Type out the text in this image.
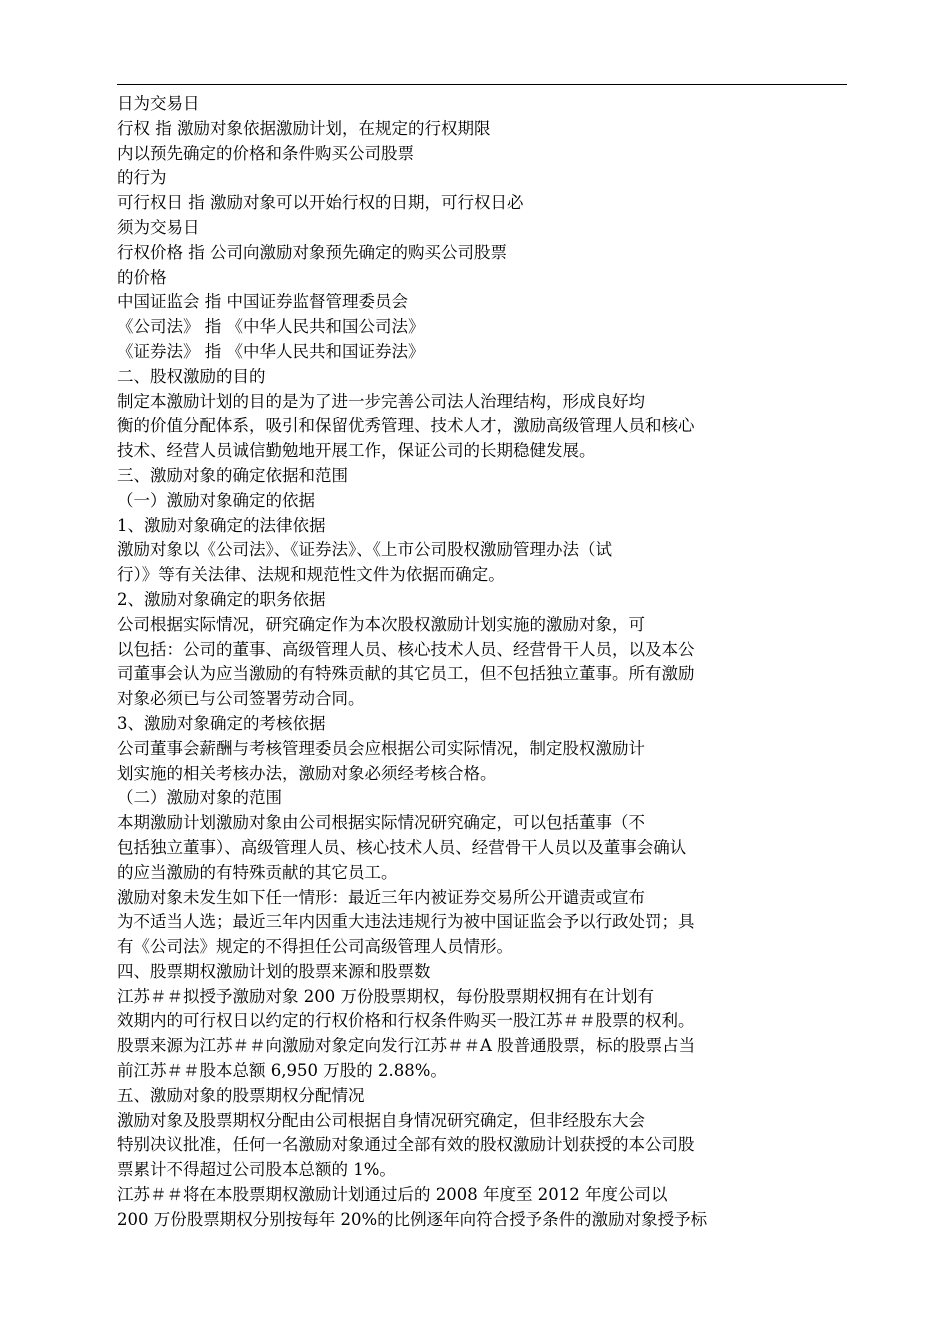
日为交易日
行权 指 激励对象依据激励计划，在规定的行权期限
内以预先确定的价格和条件购买公司股票
的行为
可行权日 指 激励对象可以开始行权的日期，可行权日必
须为交易日
行权价格 指 公司向激励对象预先确定的购买公司股票
的价格
中国证监会 指 中国证券监督管理委员会
《公司法》 指 《中华人民共和国公司法》
《证券法》 指 《中华人民共和国证券法》
二、股权激励的目的
制定本激励计划的目的是为了进一步完善公司法人治理结构，形成良好均
衡的价值分配体系，吸引和保留优秀管理、技术人才，激励高级管理人员和核心
技术、经营人员诚信勤勉地开展工作，保证公司的长期稳健发展。
三、激励对象的确定依据和范围
（一）激励对象确定的依据
1、激励对象确定的法律依据
激励对象以《公司法》、《证券法》、《上市公司股权激励管理办法（试
行）》等有关法律、法规和规范性文件为依据而确定。
2、激励对象确定的职务依据
公司根据实际情况，研究确定作为本次股权激励计划实施的激励对象，可
以包括：公司的董事、高级管理人员、核心技术人员、经营骨干人员，以及本公
司董事会认为应当激励的有特殊贡献的其它员工，但不包括独立董事。所有激励
对象必须已与公司签署劳动合同。
3、激励对象确定的考核依据
公司董事会薪酬与考核管理委员会应根据公司实际情况，制定股权激励计
划实施的相关考核办法，激励对象必须经考核合格。
（二）激励对象的范围
本期激励计划激励对象由公司根据实际情况研究确定，可以包括董事（不
包括独立董事）、高级管理人员、核心技术人员、经营骨干人员以及董事会确认
的应当激励的有特殊贡献的其它员工。
激励对象未发生如下任一情形：最近三年内被证券交易所公开谴责或宣布
为不适当人选；最近三年内因重大违法违规行为被中国证监会予以行政处罚；具
有《公司法》规定的不得担任公司高级管理人员情形。
四、股票期权激励计划的股票来源和股票数
江苏＃＃拟授予激励对象 200 万份股票期权，每份股票期权拥有在计划有
效期内的可行权日以约定的行权价格和行权条件购买一股江苏＃＃股票的权利。
股票来源为江苏＃＃向激励对象定向发行江苏＃＃A 股普通股票，标的股票占当
前江苏＃＃股本总额 6,950 万股的 2.88%。
五、激励对象的股票期权分配情况
激励对象及股票期权分配由公司根据自身情况研究确定，但非经股东大会
特别决议批准，任何一名激励对象通过全部有效的股权激励计划获授的本公司股
票累计不得超过公司股本总额的 1%。
江苏＃＃将在本股票期权激励计划通过后的 2008 年度至 2012 年度公司以
200 万份股票期权分别按每年 20%的比例逐年向符合授予条件的激励对象授予标
